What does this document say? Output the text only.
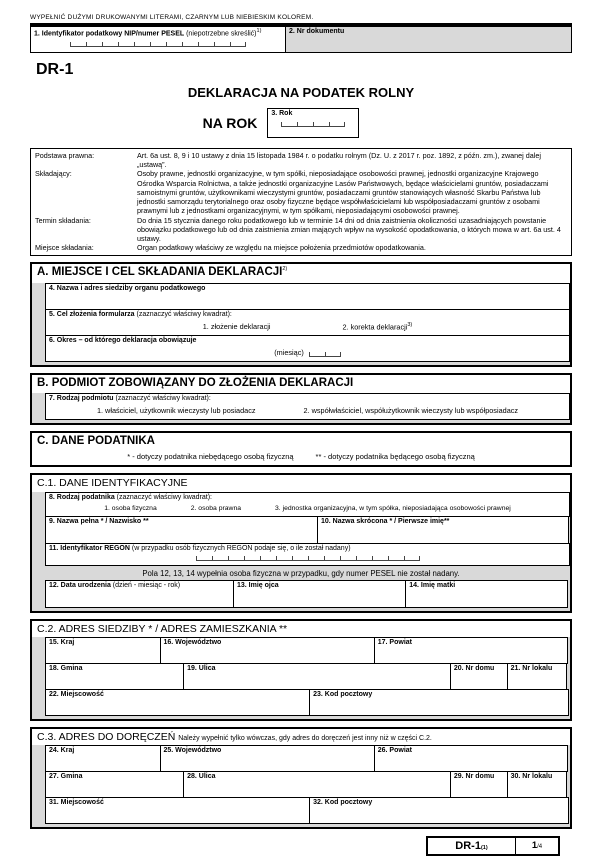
WYPEŁNIĆ DUŻYMI DRUKOWANYMI LITERAMI, CZARNYM LUB NIEBIESKIM KOLOREM.
1. Identyfikator podatkowy NIP/numer PESEL (niepotrzebne skreślić)$^{1)}$	2. Nr dokumentu
DR-1
DEKLARACJA NA PODATEK ROLNY
NA ROK
3. Rok
Podstawa prawna:	Art. 6a ust. 8, 9 i 10 ustawy z dnia 15 listopada 1984 r. o podatku rolnym (Dz. U. z 2017 r. poz. 1892, z późn. zm.), zwanej dalej „ustawą”.
Składający:	Osoby prawne, jednostki organizacyjne, w tym spółki, nieposiadające osobowości prawnej, jednostki organizacyjne Krajowego Ośrodka Wsparcia Rolnictwa, a także jednostki organizacyjne Lasów Państwowych, będące właścicielami gruntów, posiadaczami samoistnymi gruntów, użytkownikami wieczystymi gruntów, posiadaczami gruntów stanowiących własność Skarbu Państwa lub jednostki samorządu terytorialnego oraz osoby fizyczne będące współwłaścicielami lub współposiadaczami gruntów z osobami prawnymi lub z jednostkami organizacyjnymi, w tym spółkami, nieposiadającymi osobowości prawnej.
Termin składania:	Do dnia 15 stycznia danego roku podatkowego lub w terminie 14 dni od dnia zaistnienia okoliczności uzasadniających powstanie obowiązku podatkowego lub od dnia zaistnienia zmian mających wpływ na wysokość opodatkowania, o których mowa w art. 6a ust. 4 ustawy.
Miejsce składania:	Organ podatkowy właściwy ze względu na miejsce położenia przedmiotów opodatkowania.
A. MIEJSCE I CEL SKŁADANIA DEKLARACJI$^{2)}$
4. Nazwa i adres siedziby organu podatkowego
5. Cel złożenia formularza (zaznaczyć właściwy kwadrat):
1. złożenie deklaracji	2. korekta deklaracji$^{3)}$
6. Okres – od którego deklaracja obowiązuje
(miesiąc)
B. PODMIOT ZOBOWIĄZANY DO ZŁOŻENIA DEKLARACJI
7. Rodzaj podmiotu (zaznaczyć właściwy kwadrat):
1. właściciel, użytkownik wieczysty lub posiadacz	2. współwłaściciel, współużytkownik wieczysty lub współposiadacz
C. DANE PODATNIKA
* - dotyczy podatnika niebędącego osobą fizyczną	** - dotyczy podatnika będącego osobą fizyczną
C.1. DANE IDENTYFIKACYJNE
8. Rodzaj podatnika (zaznaczyć właściwy kwadrat):
1. osoba fizyczna	2. osoba prawna	3. jednostka organizacyjna, w tym spółka, nieposiadająca osobowości prawnej
9. Nazwa pełna * / Nazwisko **	10. Nazwa skrócona * / Pierwsze imię**
11. Identyfikator REGON (w przypadku osób fizycznych REGON podaje się, o ile został nadany)
Pola 12, 13, 14 wypełnia osoba fizyczna w przypadku, gdy numer PESEL nie został nadany.
12. Data urodzenia (dzień - miesiąc - rok)	13. Imię ojca	14. Imię matki
C.2. ADRES SIEDZIBY * / ADRES ZAMIESZKANIA **
15. Kraj	16. Województwo	17. Powiat
18. Gmina	19. Ulica	20. Nr domu	21. Nr lokalu
22. Miejscowość	23. Kod pocztowy
C.3. ADRES DO DORĘCZEŃ Należy wypełnić tylko wówczas, gdy adres do doręczeń jest inny niż w części C.2.
24. Kraj	25. Województwo	26. Powiat
27. Gmina	28. Ulica	29. Nr domu	30. Nr lokalu
31. Miejscowość	32. Kod pocztowy
DR-1 (1)	1 /4
